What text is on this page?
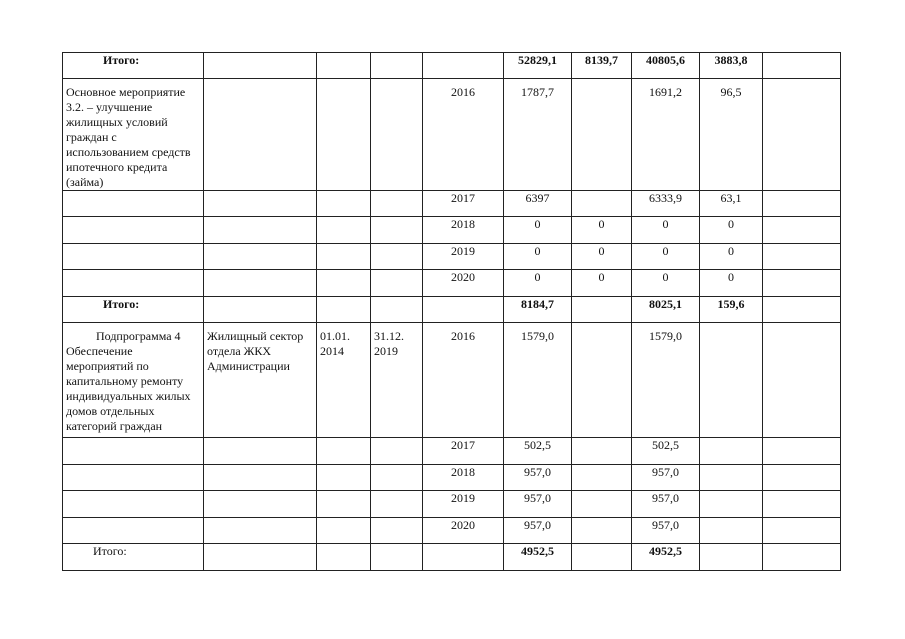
Итого:					52829,1	8139,7	40805,6	3883,8	
Основное мероприятие 3.2. – улучшение жилищных условий граждан с использованием средств ипотечного кредита (займа)				2016	1787,7		1691,2	96,5	
				2017	6397		6333,9	63,1	
				2018	0	0	0	0	
				2019	0	0	0	0	
				2020	0	0	0	0	
Итого:					8184,7		8025,1	159,6	

Подпрограмма 4 Обеспечение мероприятий по капитальному ремонту индивидуальных жилых домов отдельных категорий граждан	Жилищный сектор отдела ЖКХ Администрации	01.01. 2014	31.12. 2019	2016	1579,0		1579,0		
				2017	502,5		502,5		
				2018	957,0		957,0		
				2019	957,0		957,0		
				2020	957,0		957,0		
Итого:					4952,5		4952,5		
